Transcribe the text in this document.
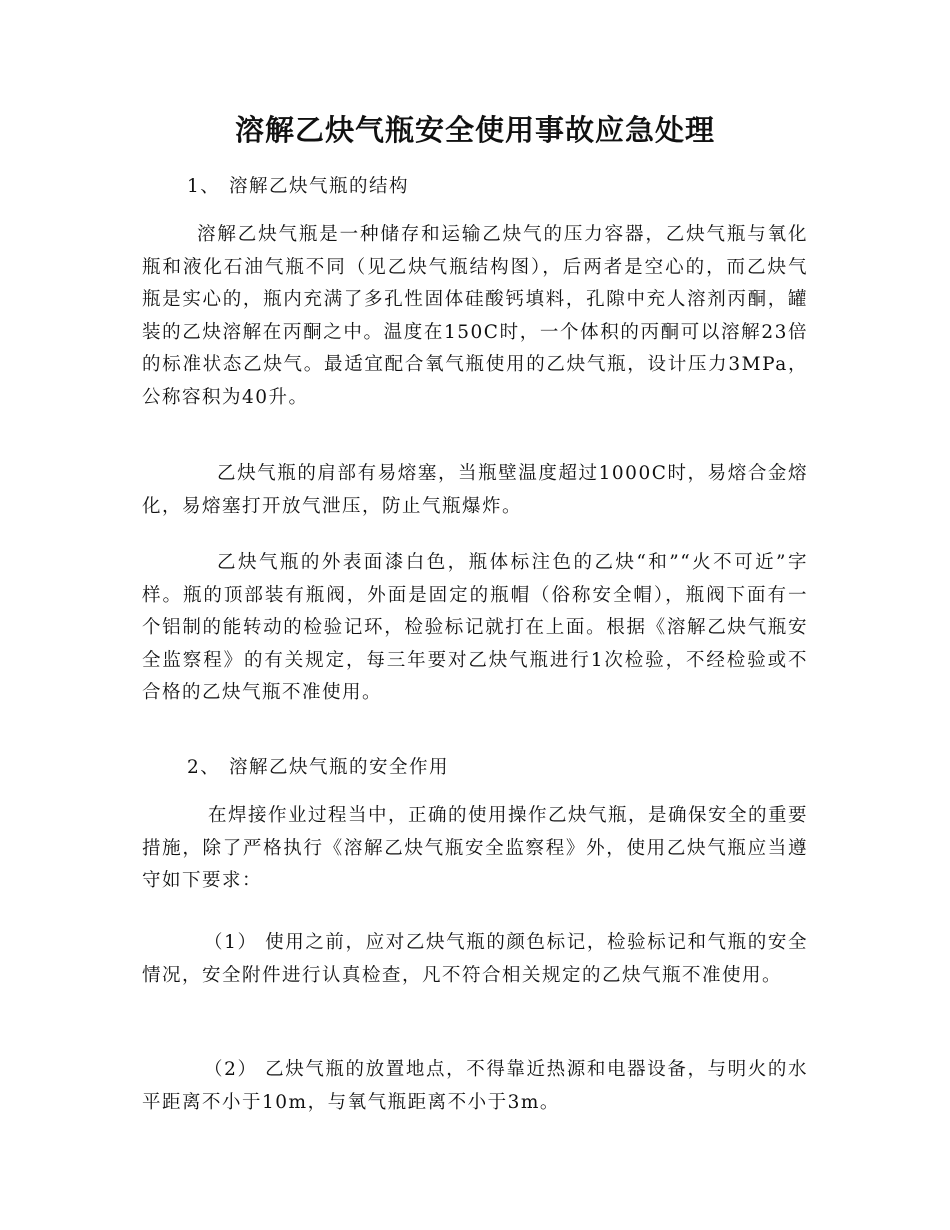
溶解乙炔气瓶安全使用事故应急处理
1、 溶解乙炔气瓶的结构

溶解乙炔气瓶是一种储存和运输乙炔气的压力容器，乙炔气瓶与氧化瓶和液化石油气瓶不同（见乙炔气瓶结构图），后两者是空心的，而乙炔气瓶是实心的，瓶内充满了多孔性固体硅酸钙填料，孔隙中充人溶剂丙酮，罐装的乙炔溶解在丙酮之中。温度在150C时，一个体积的丙酮可以溶解23倍的标准状态乙炔气。最适宜配合氧气瓶使用的乙炔气瓶，设计压力3MPa，公称容积为40升。

乙炔气瓶的肩部有易熔塞，当瓶壁温度超过1000C时，易熔合金熔化，易熔塞打开放气泄压，防止气瓶爆炸。

乙炔气瓶的外表面漆白色，瓶体标注色的乙炔“和”“火不可近”字样。瓶的顶部装有瓶阀，外面是固定的瓶帽（俗称安全帽），瓶阀下面有一个铝制的能转动的检验记环，检验标记就打在上面。根据《溶解乙炔气瓶安全监察程》的有关规定，每三年要对乙炔气瓶进行1次检验，不经检验或不合格的乙炔气瓶不准使用。

2、 溶解乙炔气瓶的安全作用

在焊接作业过程当中，正确的使用操作乙炔气瓶，是确保安全的重要措施，除了严格执行《溶解乙炔气瓶安全监察程》外，使用乙炔气瓶应当遵守如下要求：

（1） 使用之前，应对乙炔气瓶的颜色标记，检验标记和气瓶的安全情况，安全附件进行认真检查，凡不符合相关规定的乙炔气瓶不准使用。

（2） 乙炔气瓶的放置地点，不得靠近热源和电器设备，与明火的水平距离不小于10m，与氧气瓶距离不小于3m。
